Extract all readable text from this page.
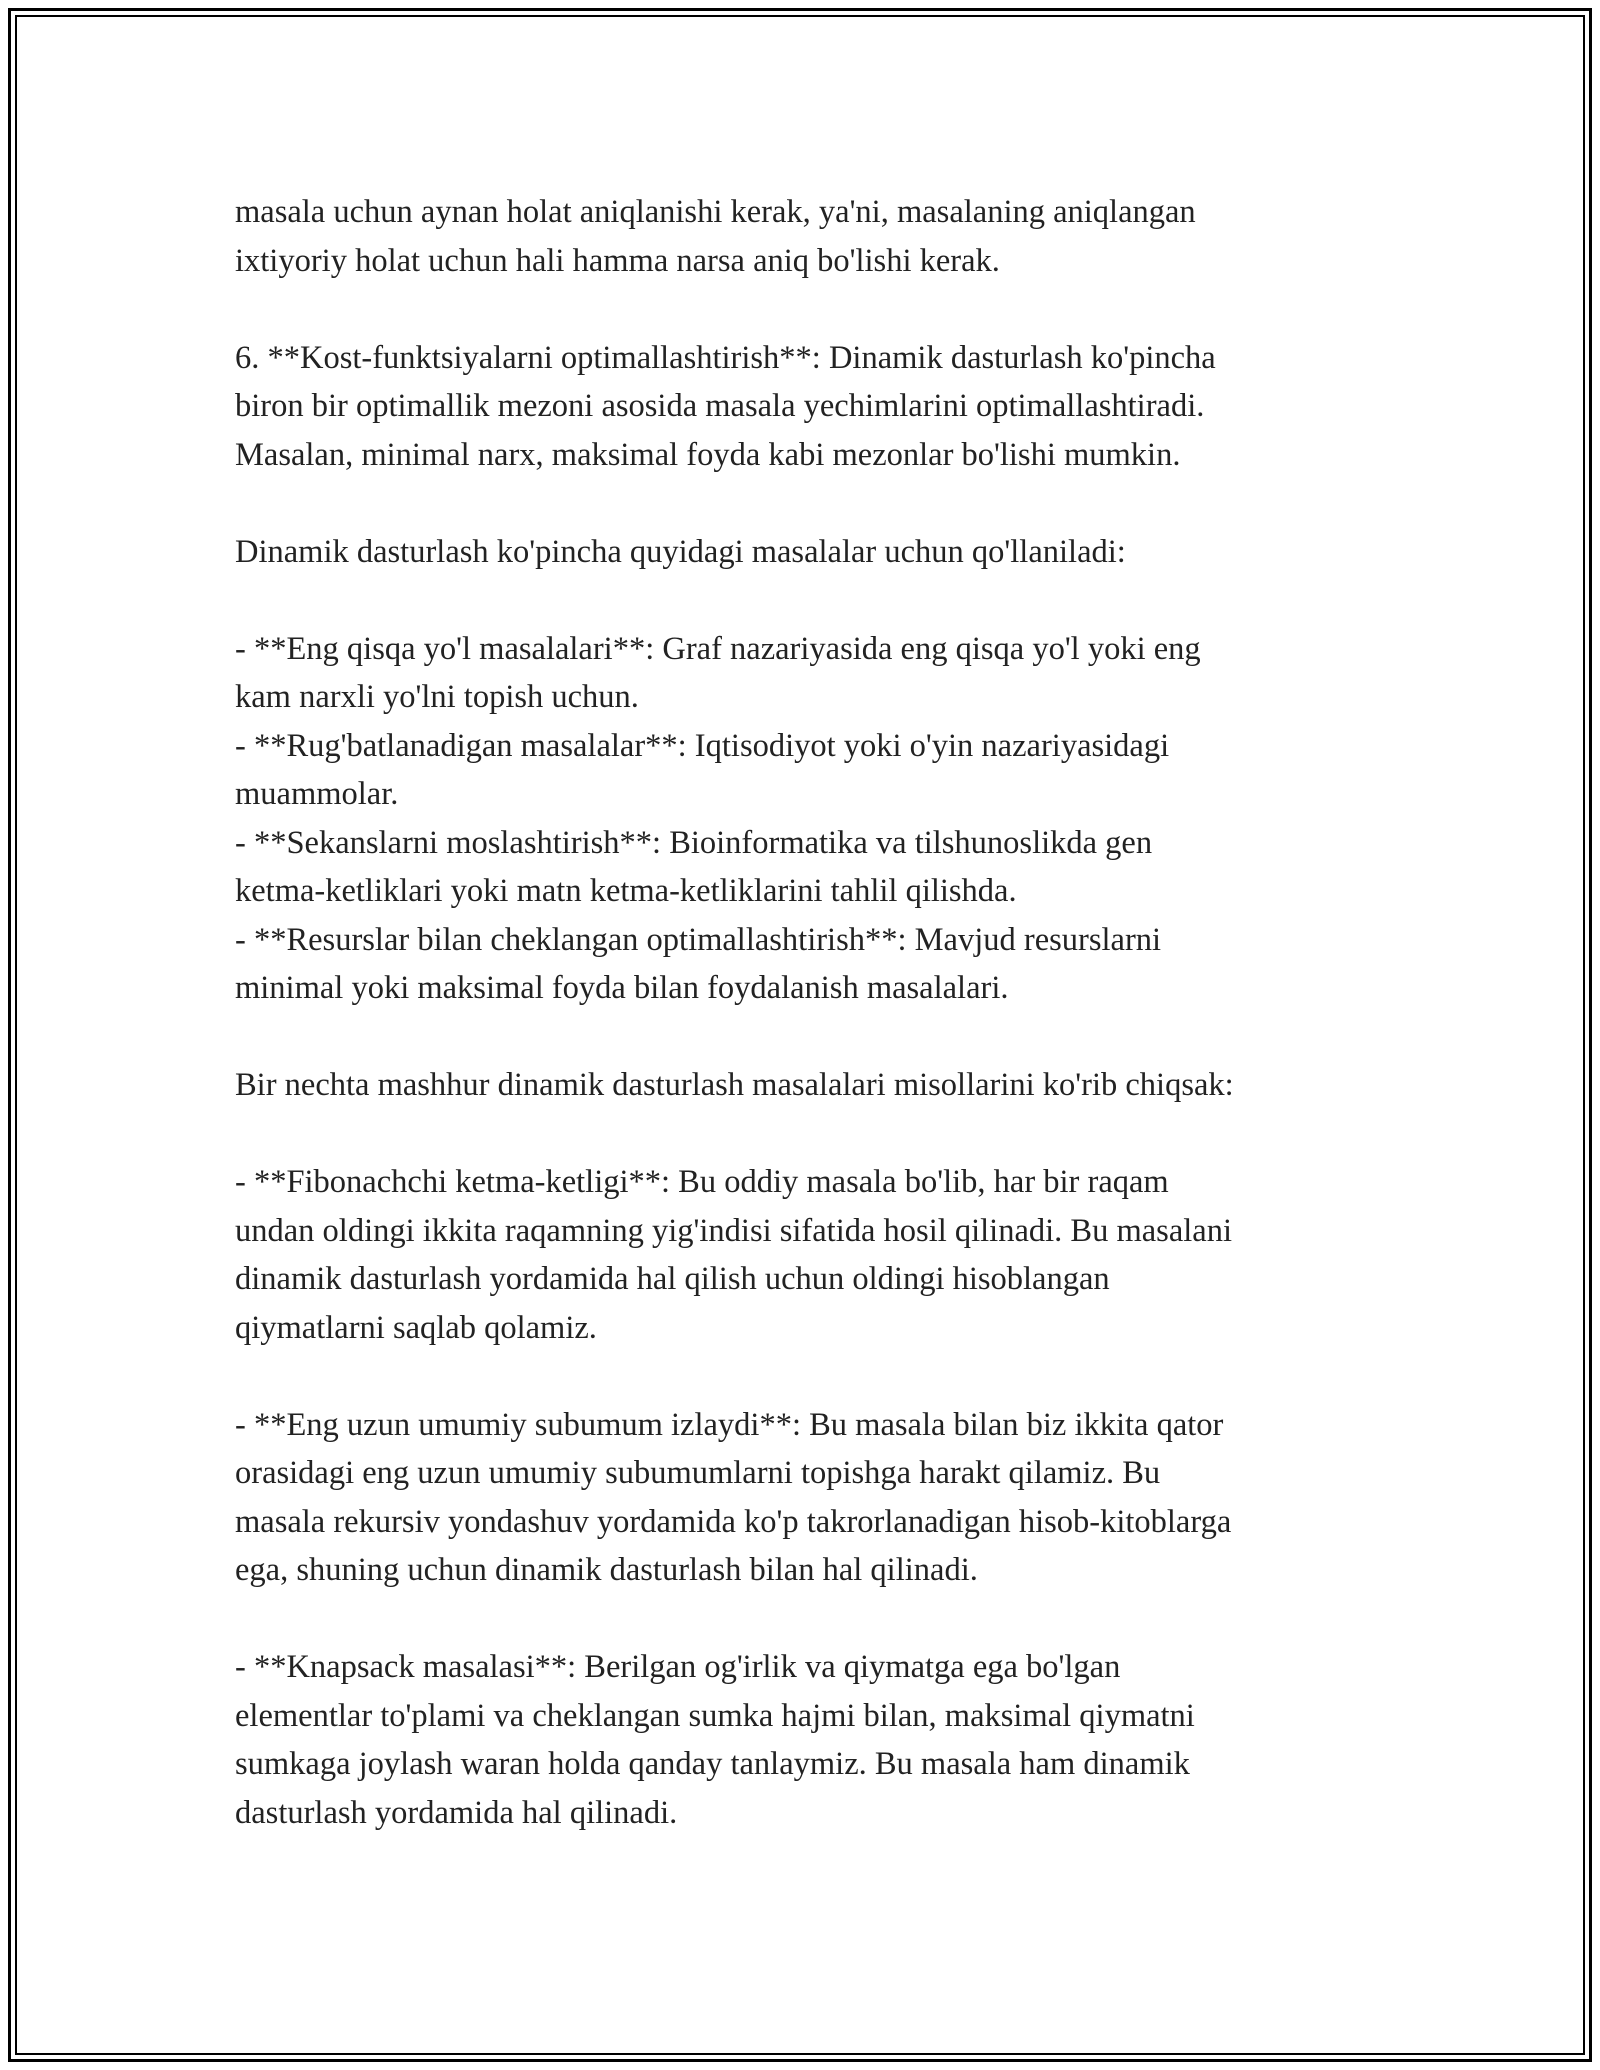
masala uchun aynan holat aniqlanishi kerak, ya'ni, masalaning aniqlangan
ixtiyoriy holat uchun hali hamma narsa aniq bo'lishi kerak.
6. **Kost-funktsiyalarni optimallashtirish**: Dinamik dasturlash ko'pincha
biron bir optimallik mezoni asosida masala yechimlarini optimallashtiradi.
Masalan, minimal narx, maksimal foyda kabi mezonlar bo'lishi mumkin.
Dinamik dasturlash ko'pincha quyidagi masalalar uchun qo'llaniladi:
- **Eng qisqa yo'l masalalari**: Graf nazariyasida eng qisqa yo'l yoki eng
kam narxli yo'lni topish uchun.
- **Rug'batlanadigan masalalar**: Iqtisodiyot yoki o'yin nazariyasidagi
muammolar.
- **Sekanslarni moslashtirish**: Bioinformatika va tilshunoslikda gen
ketma-ketliklari yoki matn ketma-ketliklarini tahlil qilishda.
- **Resurslar bilan cheklangan optimallashtirish**: Mavjud resurslarni
minimal yoki maksimal foyda bilan foydalanish masalalari.
Bir nechta mashhur dinamik dasturlash masalalari misollarini ko'rib chiqsak:
- **Fibonachchi ketma-ketligi**: Bu oddiy masala bo'lib, har bir raqam
undan oldingi ikkita raqamning yig'indisi sifatida hosil qilinadi. Bu masalani
dinamik dasturlash yordamida hal qilish uchun oldingi hisoblangan
qiymatlarni saqlab qolamiz.
- **Eng uzun umumiy subumum izlaydi**: Bu masala bilan biz ikkita qator
orasidagi eng uzun umumiy subumumlarni topishga harakt qilamiz. Bu
masala rekursiv yondashuv yordamida ko'p takrorlanadigan hisob-kitoblarga
ega, shuning uchun dinamik dasturlash bilan hal qilinadi.
- **Knapsack masalasi**: Berilgan og'irlik va qiymatga ega bo'lgan
elementlar to'plami va cheklangan sumka hajmi bilan, maksimal qiymatni
sumkaga joylash waran holda qanday tanlaymiz. Bu masala ham dinamik
dasturlash yordamida hal qilinadi.
